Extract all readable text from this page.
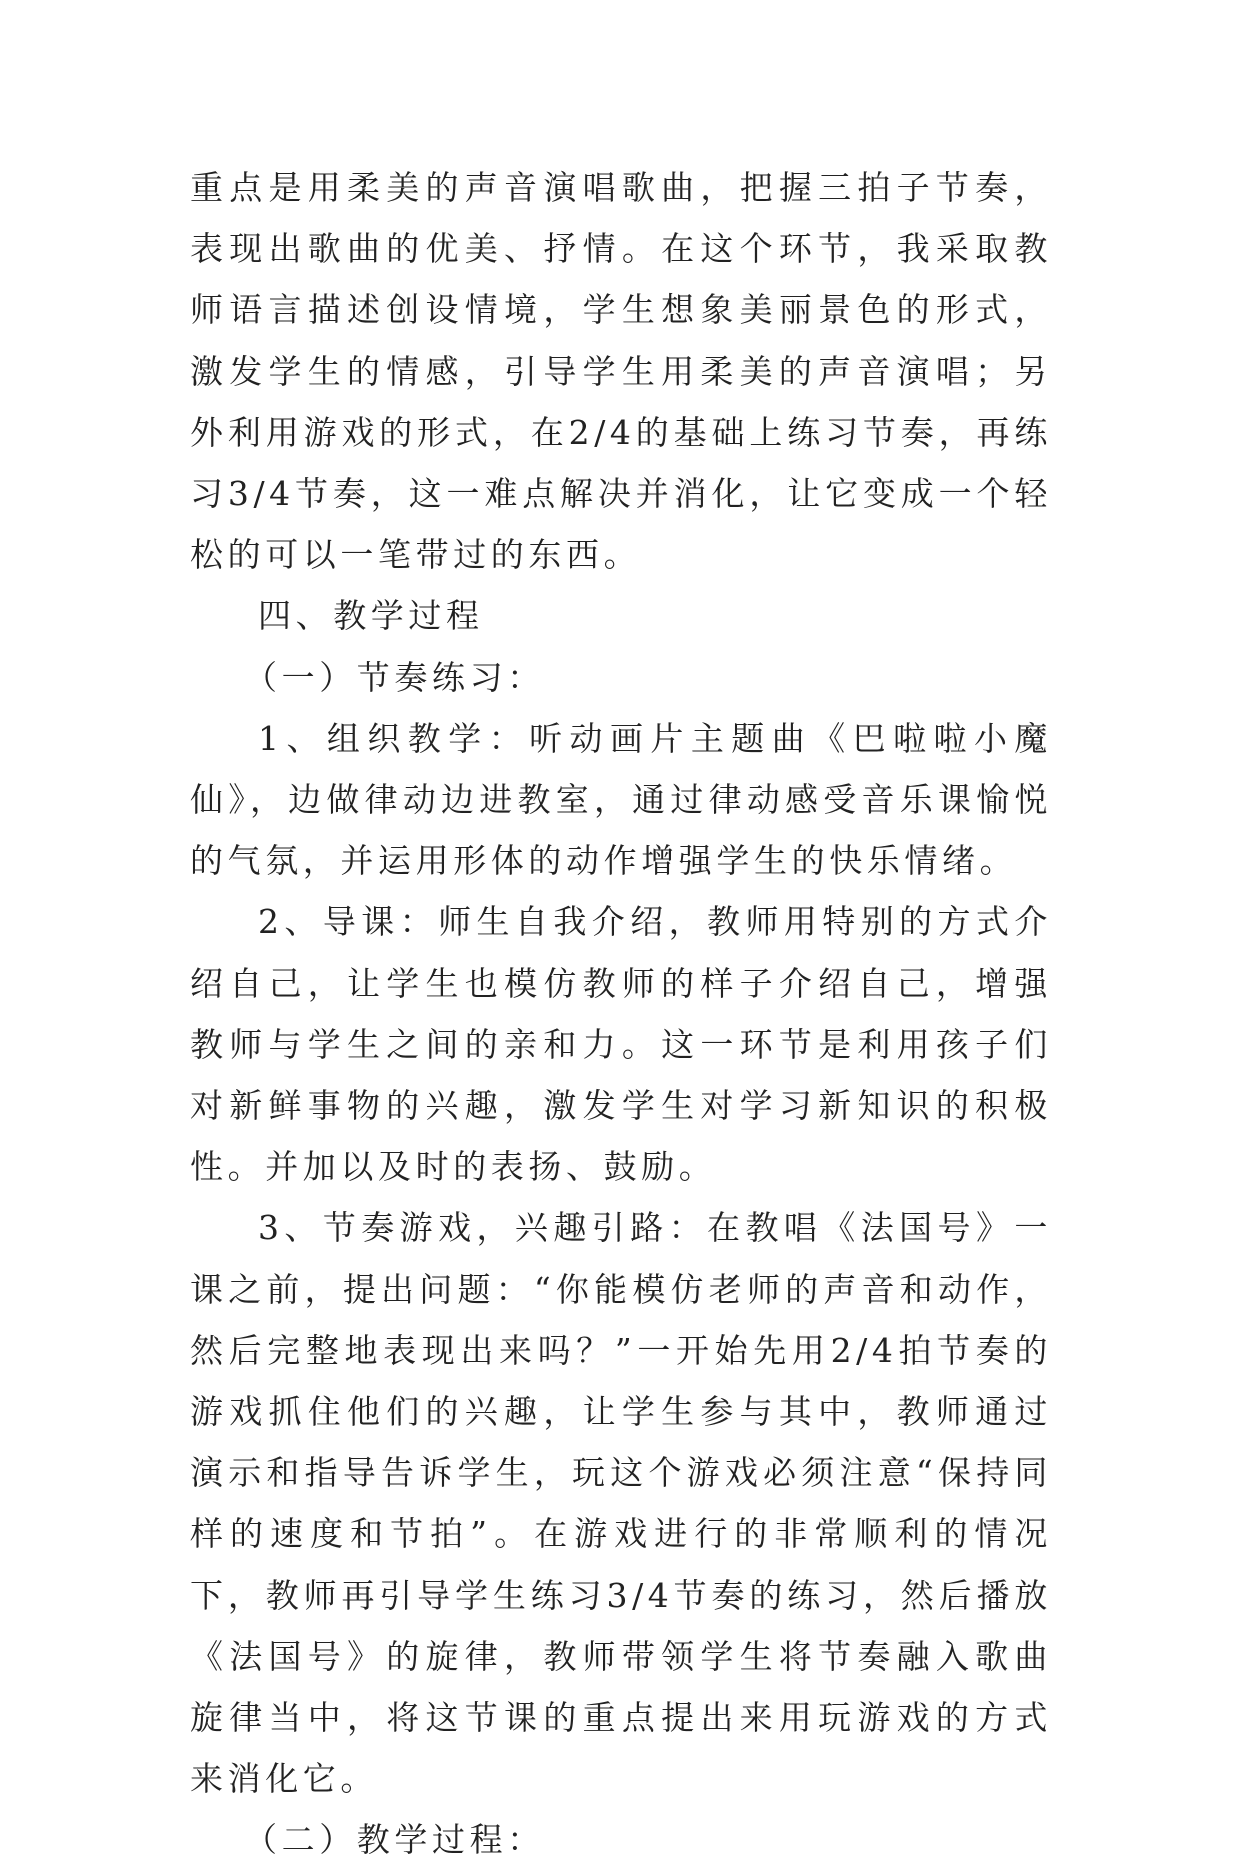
重点是用柔美的声音演唱歌曲，把握三拍子节奏，表现出歌曲的优美、抒情。在这个环节，我采取教师语言描述创设情境，学生想象美丽景色的形式，激发学生的情感，引导学生用柔美的声音演唱；另外利用游戏的形式，在2/4的基础上练习节奏，再练习3/4节奏，这一难点解决并消化，让它变成一个轻松的可以一笔带过的东西。

四、教学过程

（一）节奏练习：

1、组织教学：听动画片主题曲《巴啦啦小魔仙》，边做律动边进教室，通过律动感受音乐课愉悦的气氛，并运用形体的动作增强学生的快乐情绪。

2、导课：师生自我介绍，教师用特别的方式介绍自己，让学生也模仿教师的样子介绍自己，增强教师与学生之间的亲和力。这一环节是利用孩子们对新鲜事物的兴趣，激发学生对学习新知识的积极性。并加以及时的表扬、鼓励。

3、节奏游戏，兴趣引路：在教唱《法国号》一课之前，提出问题：“你能模仿老师的声音和动作，然后完整地表现出来吗？”一开始先用2/4拍节奏的游戏抓住他们的兴趣，让学生参与其中，教师通过演示和指导告诉学生，玩这个游戏必须注意“保持同样的速度和节拍”。在游戏进行的非常顺利的情况下，教师再引导学生练习3/4节奏的练习，然后播放《法国号》的旋律，教师带领学生将节奏融入歌曲旋律当中，将这节课的重点提出来用玩游戏的方式来消化它。

（二）教学过程：
